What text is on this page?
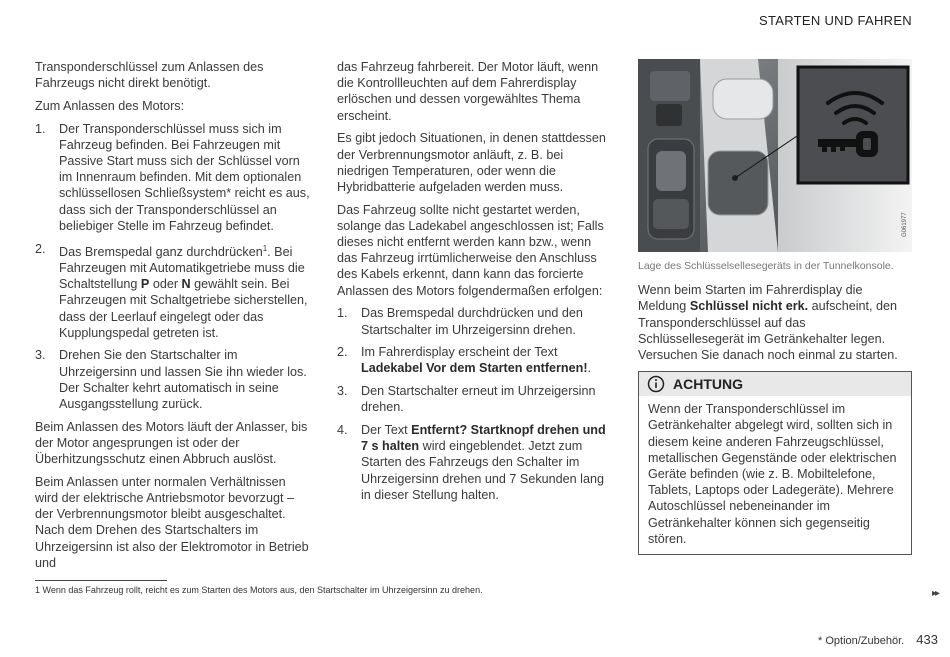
STARTEN UND FAHREN

Transponderschlüssel zum Anlassen des Fahrzeugs nicht direkt benötigt.

Zum Anlassen des Motors:

1. Der Transponderschlüssel muss sich im Fahrzeug befinden. Bei Fahrzeugen mit Passive Start muss sich der Schlüssel vorn im Innenraum befinden. Mit dem optionalen schlüssellosen Schließsystem* reicht es aus, dass sich der Transponderschlüssel an beliebiger Stelle im Fahrzeug befindet.
2. Das Bremspedal ganz durchdrücken$^1$. Bei Fahrzeugen mit Automatikgetriebe muss die Schaltstellung P oder N gewählt sein. Bei Fahrzeugen mit Schaltgetriebe sicherstellen, dass der Leerlauf eingelegt oder das Kupplungspedal getreten ist.
3. Drehen Sie den Startschalter im Uhrzeigersinn und lassen Sie ihn wieder los. Der Schalter kehrt automatisch in seine Ausgangsstellung zurück.

Beim Anlassen des Motors läuft der Anlasser, bis der Motor angesprungen ist oder der Überhitzungsschutz einen Abbruch auslöst.

Beim Anlassen unter normalen Verhältnissen wird der elektrische Antriebsmotor bevorzugt – der Verbrennungsmotor bleibt ausgeschaltet. Nach dem Drehen des Startschalters im Uhrzeigersinn ist also der Elektromotor in Betrieb und

das Fahrzeug fahrbereit. Der Motor läuft, wenn die Kontrollleuchten auf dem Fahrerdisplay erlöschen und dessen vorgewähltes Thema erscheint.

Es gibt jedoch Situationen, in denen stattdessen der Verbrennungsmotor anläuft, z. B. bei niedrigen Temperaturen, oder wenn die Hybridbatterie aufgeladen werden muss.

Das Fahrzeug sollte nicht gestartet werden, solange das Ladekabel angeschlossen ist; Falls dieses nicht entfernt werden kann bzw., wenn das Fahrzeug irrtümlicherweise den Anschluss des Kabels erkennt, dann kann das forcierte Anlassen des Motors folgendermaßen erfolgen:

1. Das Bremspedal durchdrücken und den Startschalter im Uhrzeigersinn drehen.
2. Im Fahrerdisplay erscheint der Text Ladekabel Vor dem Starten entfernen!.
3. Den Startschalter erneut im Uhrzeigersinn drehen.
4. Der Text Entfernt? Startknopf drehen und 7 s halten wird eingeblendet. Jetzt zum Starten des Fahrzeugs den Schalter im Uhrzeigersinn drehen und 7 Sekunden lang in dieser Stellung halten.
G061977
Lage des Schlüsselsellesegeräts in der Tunnelkonsole.

Wenn beim Starten im Fahrerdisplay die Meldung Schlüssel nicht erk. aufscheint, den Transponderschlüssel auf das Schlüssellesegerät im Getränkehalter legen. Versuchen Sie danach noch einmal zu starten.

ACHTUNG
Wenn der Transponderschlüssel im Getränkehalter abgelegt wird, sollten sich in diesem keine anderen Fahrzeugschlüssel, metallischen Gegenstände oder elektrischen Geräte befinden (wie z. B. Mobiltelefone, Tablets, Laptops oder Ladegeräte). Mehrere Autoschlüssel nebeneinander im Getränkehalter können sich gegenseitig stören.
1 Wenn das Fahrzeug rollt, reicht es zum Starten des Motors aus, den Startschalter im Uhrzeigersinn zu drehen.	▸▸
* Option/Zubehör. 433
